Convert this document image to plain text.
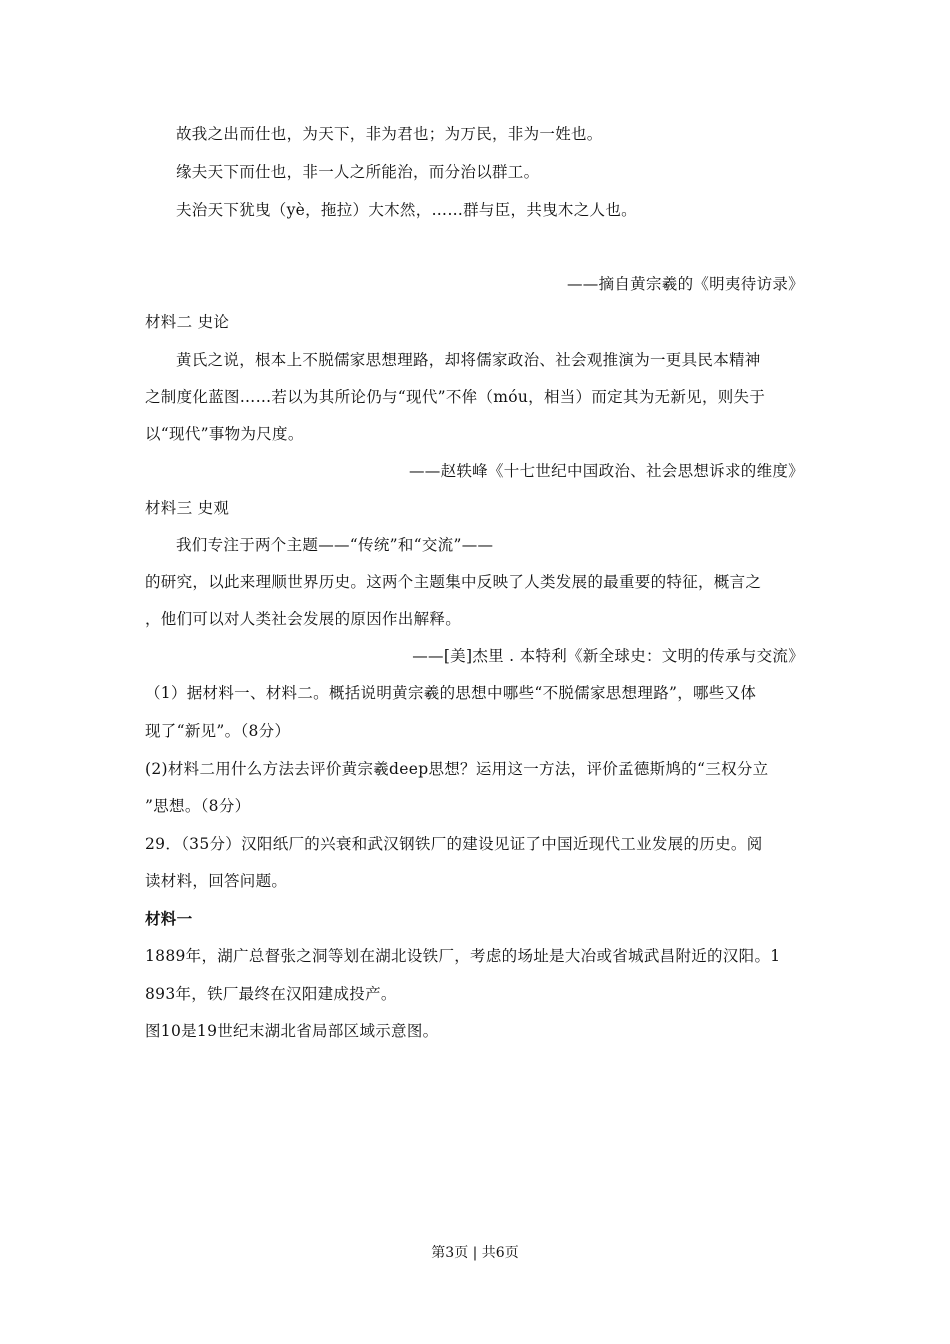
故我之出而仕也，为天下，非为君也；为万民，非为一姓也。
缘夫天下而仕也，非一人之所能治，而分治以群工。
夫治天下犹曳（yè，拖拉）大木然，……群与臣，共曳木之人也。
——摘自黄宗羲的《明夷待访录》
材料二 史论
黄氏之说，根本上不脱儒家思想理路，却将儒家政治、社会观推演为一更具民本精神
之制度化蓝图……若以为其所论仍与“现代”不侔（móu，相当）而定其为无新见，则失于
以“现代”事物为尺度。
——赵轶峰《十七世纪中国政治、社会思想诉求的维度》
材料三 史观
我们专注于两个主题——“传统”和“交流”——
的研究，以此来理顺世界历史。这两个主题集中反映了人类发展的最重要的特征，概言之
，他们可以对人类社会发展的原因作出解释。
——[美]杰里 . 本特利《新全球史：文明的传承与交流》
（1）据材料一、材料二。概括说明黄宗羲的思想中哪些“不脱儒家思想理路”，哪些又体
现了“新见”。（8分）
(2)材料二用什么方法去评价黄宗羲deep思想？运用这一方法，评价孟德斯鸠的“三权分立
”思想。（8分）
29．（35分）汉阳纸厂的兴衰和武汉钢铁厂的建设见证了中国近现代工业发展的历史。阅
读材料，回答问题。
材料一
1889年，湖广总督张之洞等划在湖北设铁厂，考虑的场址是大冶或省城武昌附近的汉阳。1
893年，铁厂最终在汉阳建成投产。
图10是19世纪末湖北省局部区域示意图。
第3页 | 共6页
